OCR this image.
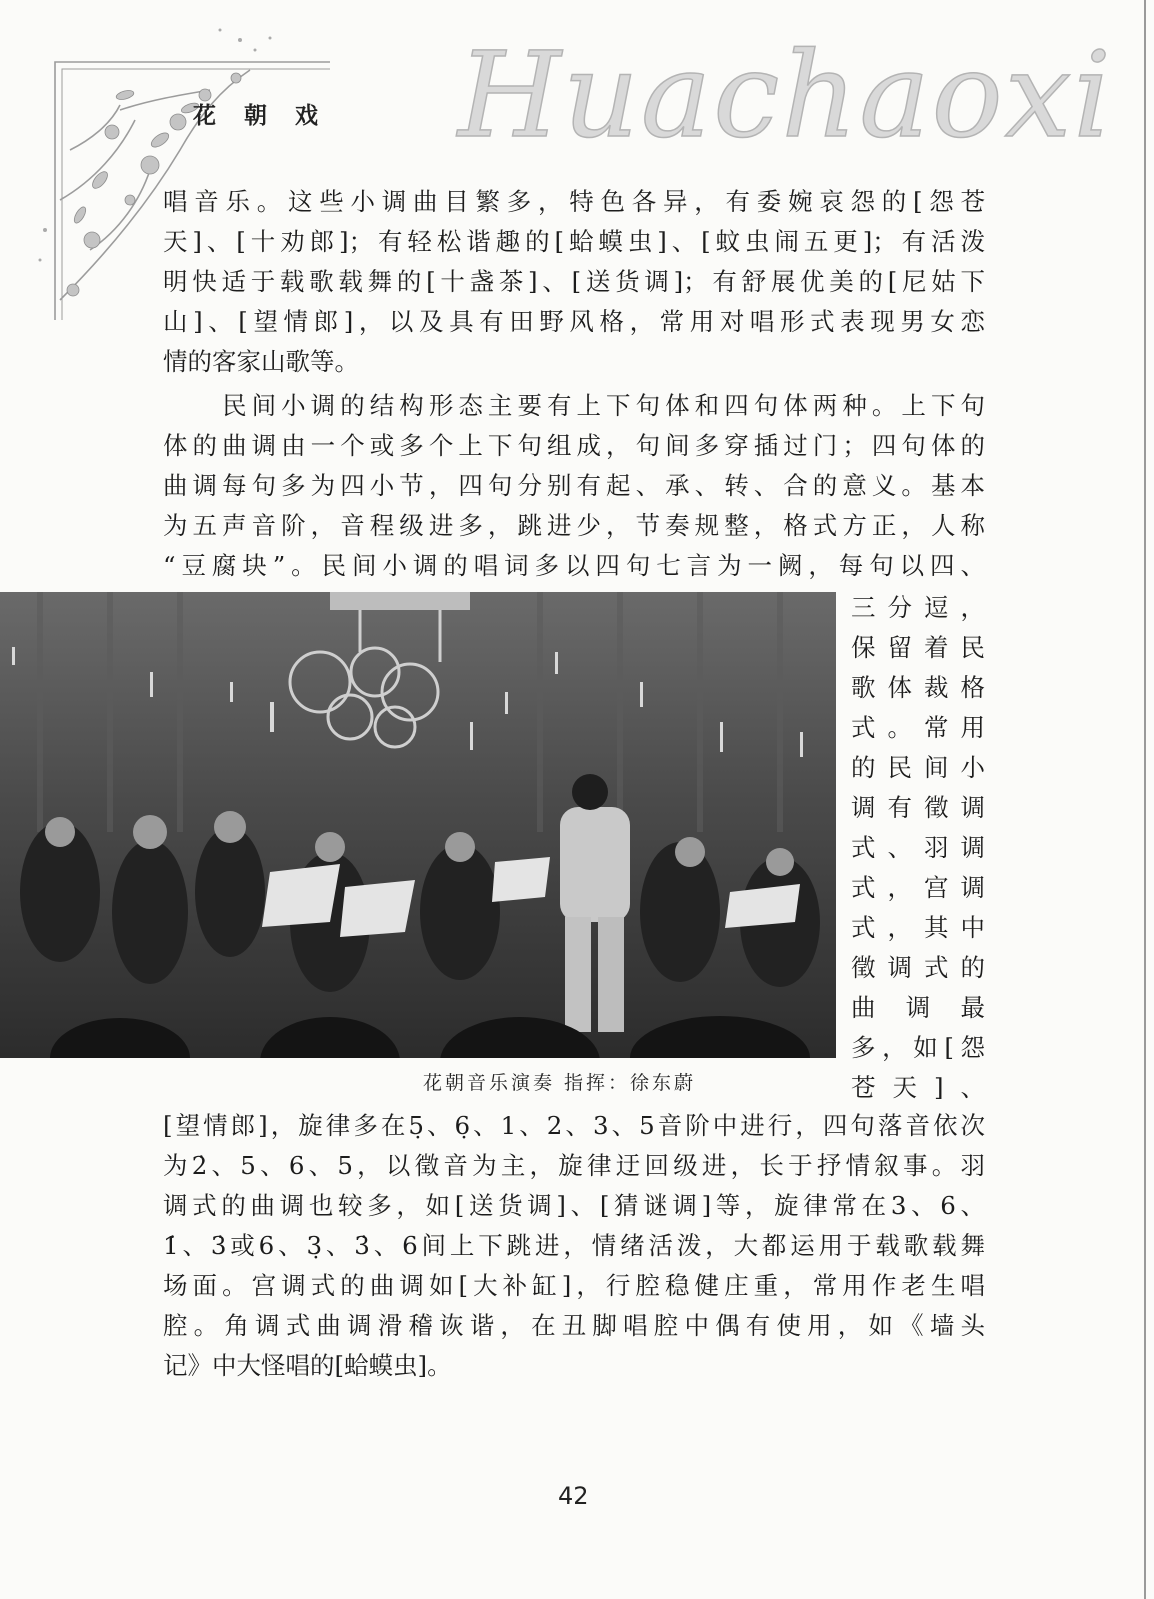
花 朝 戏 Huachaoxi
唱音乐。这些小调曲目繁多，特色各异，有委婉哀怨的[怨苍
天]、[十劝郎]；有轻松谐趣的[蛤蟆虫]、[蚊虫闹五更]；有活泼
明快适于载歌载舞的[十盏茶]、[送货调]；有舒展优美的[尼姑下
山]、[望情郎]，以及具有田野风格，常用对唱形式表现男女恋
情的客家山歌等。
　　民间小调的结构形态主要有上下句体和四句体两种。上下句
体的曲调由一个或多个上下句组成，句间多穿插过门；四句体的
曲调每句多为四小节，四句分别有起、承、转、合的意义。基本
为五声音阶，音程级进多，跳进少，节奏规整，格式方正，人称
“豆腐块”。民间小调的唱词多以四句七言为一阙，每句以四、
三分逗，
保留着民
歌体裁格
式。常用
的民间小
调有徵调
式、羽调
式，宫调
式，其中
徵调式的
曲调最
多，如[怨
苍天]、
花朝音乐演奏 指挥：徐东蔚
[望情郎]，旋律多在5̣、6̣、1、2、3、5音阶中进行，四句落音依次
为2̇、5、6、5，以徵音为主，旋律迂回级进，长于抒情叙事。羽
调式的曲调也较多，如[送货调]、[猜谜调]等，旋律常在3、6、
1̇、3̇或6、3̣、3̇、6间上下跳进，情绪活泼，大都运用于载歌载舞
场面。宫调式的曲调如[大补缸]，行腔稳健庄重，常用作老生唱
腔。角调式曲调滑稽诙谐，在丑脚唱腔中偶有使用，如《墙头
记》中大怪唱的[蛤蟆虫]。
42
